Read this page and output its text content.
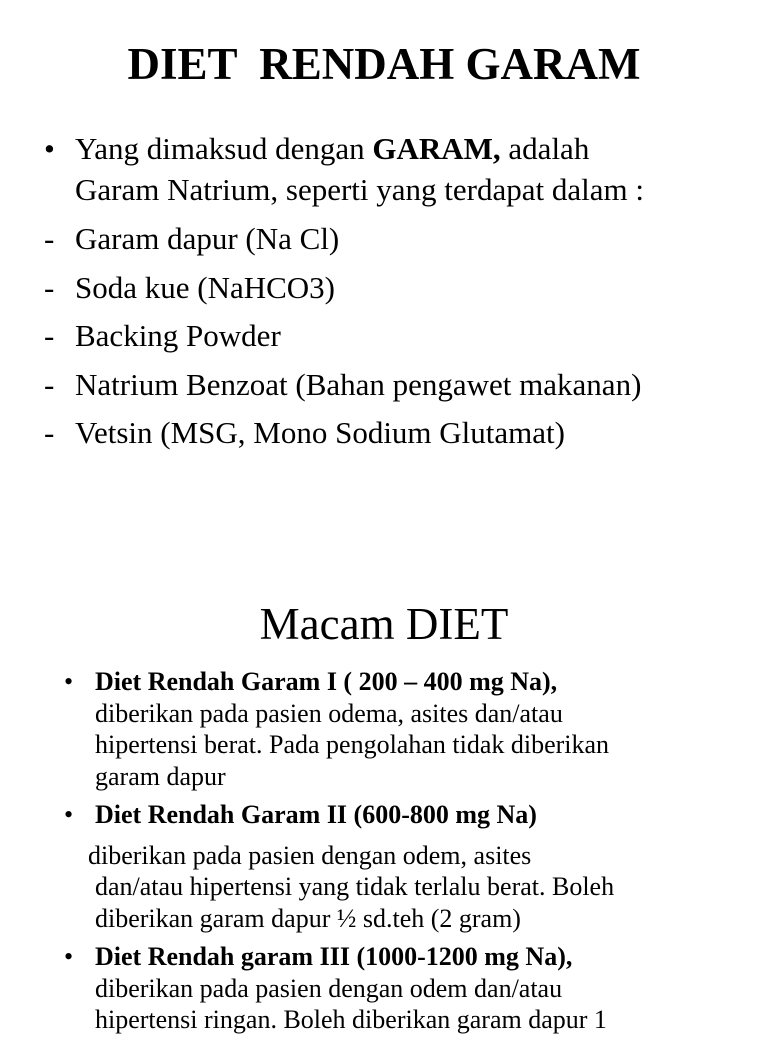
DIET  RENDAH GARAM
• Yang dimaksud dengan GARAM, adalah
Garam Natrium, seperti yang terdapat dalam :
- Garam dapur (Na Cl)
- Soda kue (NaHCO3)
- Backing Powder
- Natrium Benzoat (Bahan pengawet makanan)
- Vetsin (MSG, Mono Sodium Glutamat)
Macam DIET
• Diet Rendah Garam I ( 200 – 400 mg Na),
diberikan pada pasien odema, asites dan/atau
hipertensi berat. Pada pengolahan tidak diberikan
garam dapur
• Diet Rendah Garam II (600-800 mg Na)
diberikan pada pasien dengan odem, asites
dan/atau hipertensi yang tidak terlalu berat. Boleh
diberikan garam dapur ½ sd.teh (2 gram)
• Diet Rendah garam III (1000-1200 mg Na),
diberikan pada pasien dengan odem dan/atau
hipertensi ringan. Boleh diberikan garam dapur 1
